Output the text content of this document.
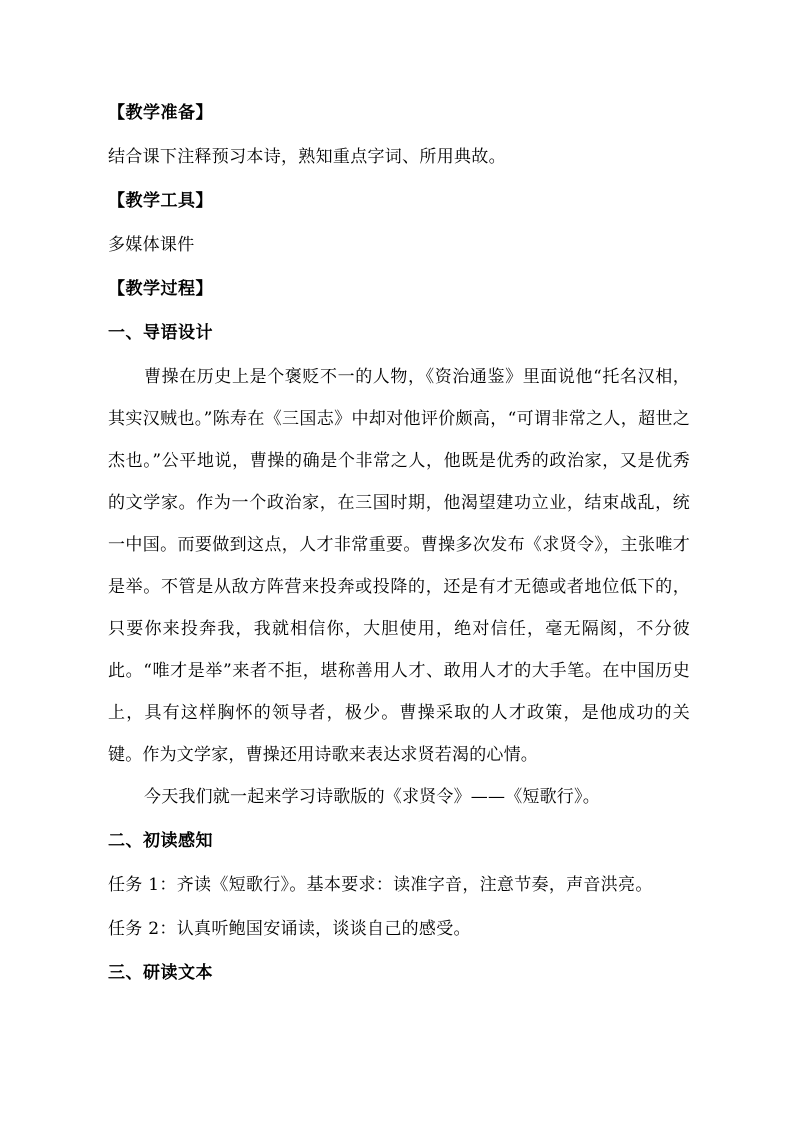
【教学准备】

结合课下注释预习本诗，熟知重点字词、所用典故。

【教学工具】

多媒体课件

【教学过程】

一、导语设计

曹操在历史上是个褒贬不一的人物，《资治通鉴》里面说他“托名汉相，其实汉贼也。”陈寿在《三国志》中却对他评价颇高，“可谓非常之人，超世之杰也。”公平地说，曹操的确是个非常之人，他既是优秀的政治家，又是优秀的文学家。作为一个政治家，在三国时期，他渴望建功立业，结束战乱，统一中国。而要做到这点，人才非常重要。曹操多次发布《求贤令》，主张唯才是举。不管是从敌方阵营来投奔或投降的，还是有才无德或者地位低下的，只要你来投奔我，我就相信你，大胆使用，绝对信任，毫无隔阂，不分彼此。“唯才是举”来者不拒，堪称善用人才、敢用人才的大手笔。在中国历史上，具有这样胸怀的领导者，极少。曹操采取的人才政策，是他成功的关键。作为文学家，曹操还用诗歌来表达求贤若渴的心情。

今天我们就一起来学习诗歌版的《求贤令》——《短歌行》。

二、初读感知

任务 1：齐读《短歌行》。基本要求：读准字音，注意节奏，声音洪亮。

任务 2：认真听鲍国安诵读，谈谈自己的感受。

三、研读文本
